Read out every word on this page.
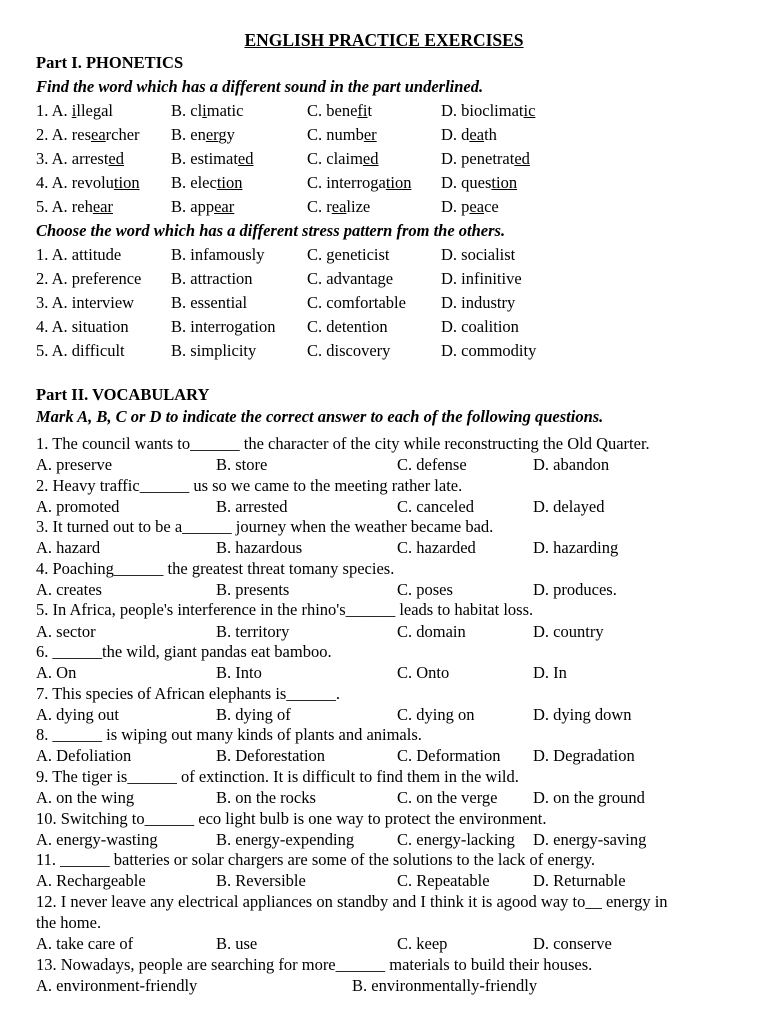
ENGLISH PRACTICE EXERCISES
Part I. PHONETICS
Find the word which has a different sound in the part underlined.
1. A. illegal	B. climatic	C. benefit	D. bioclimatic
2. A. researcher B. energy	C. number	D. death
3. A. arrested	B. estimated	C. claimed	D. penetrated
4. A. revolution B. election	C. interrogation D. question
5. A. rehear	B. appear	C. realize	D. peace
Choose the word which has a different stress pattern from the others.
1. A. attitude	B. infamously	C. geneticist	D. socialist
2. A. preference B. attraction	C. advantage	D. infinitive
3. A. interview B. essential	C. comfortable D. industry
4. A. situation	B. interrogation C. detention	D. coalition
5. A. difficult	B. simplicity	C. discovery	D. commodity
Part II. VOCABULARY
Mark A, B, C or D to indicate the correct answer to each of the following questions.
1. The council wants to______ the character of the city while reconstructing the Old Quarter.
A. preserve	B. store	C. defense	D. abandon
2. Heavy traffic______ us so we came to the meeting rather late.
A. promoted	B. arrested	C. canceled	D. delayed
3. It turned out to be a______ journey when the weather became bad.
A. hazard	B. hazardous	C. hazarded	D. hazarding
4. Poaching______ the greatest threat tomany species.
A. creates	B. presents	C. poses	D. produces.
5. In Africa, people's interference in the rhino's______ leads to habitat loss.
A. sector	B. territory	C. domain	D. country
6. ______the wild, giant pandas eat bamboo.
A. On	B. Into	C. Onto	D. In
7. This species of African elephants is______.
A. dying out	B. dying of	C. dying on	D. dying down
8. ______ is wiping out many kinds of plants and animals.
A. Defoliation	B. Deforestation	C. Deformation D. Degradation
9. The tiger is______ of extinction. It is difficult to find them in the wild.
A. on the wing	B. on the rocks	C. on the verge D. on the ground
10. Switching to______ eco light bulb is one way to protect the environment.
A. energy-wasting	B. energy-expending	C. energy-lacking D. energy-saving
11. ______ batteries or solar chargers are some of the solutions to the lack of energy.
A. Rechargeable	B. Reversible	C. Repeatable	D. Returnable
12. I never leave any electrical appliances on standby and I think it is agood way to__ energy in
the home.
A. take care of	B. use	C. keep	D. conserve
13. Nowadays, people are searching for more______ materials to build their houses.
A. environment-friendly	B. environmentally-friendly
